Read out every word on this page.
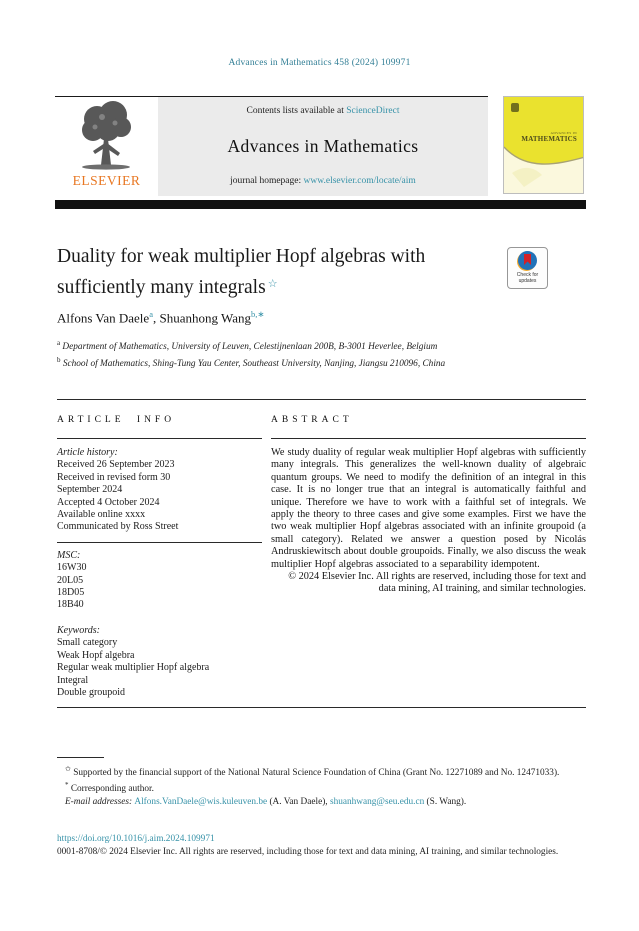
Advances in Mathematics 458 (2024) 109971
ELSEVIER
Contents lists available at ScienceDirect
Advances in Mathematics
journal homepage: www.elsevier.com/locate/aim
ADVANCES IN
MATHEMATICS
Duality for weak multiplier Hopf algebras with sufficiently many integrals ☆
Check for updates
Alfons Van Daele$^a$, Shuanhong Wang$^{b,∗}$
$^a$ Department of Mathematics, University of Leuven, Celestijnenlaan 200B, B-3001 Heverlee, Belgium
$^b$ School of Mathematics, Shing-Tung Yau Center, Southeast University, Nanjing, Jiangsu 210096, China
ARTICLE INFO
Article history:
Received 26 September 2023
Received in revised form 30 September 2024
Accepted 4 October 2024
Available online xxxx
Communicated by Ross Street
MSC:
16W30
20L05
18D05
18B40
Keywords:
Small category
Weak Hopf algebra
Regular weak multiplier Hopf algebra
Integral
Double groupoid
ABSTRACT
We study duality of regular weak multiplier Hopf algebras with sufficiently many integrals. This generalizes the well-known duality of algebraic quantum groups. We need to modify the definition of an integral in this case. It is no longer true that an integral is automatically faithful and unique. Therefore we have to work with a faithful set of integrals. We apply the theory to three cases and give some examples. First we have the two weak multiplier Hopf algebras associated with an infinite groupoid (a small category). Related we answer a question posed by Nicolás Andruskiewitsch about double groupoids. Finally, we also discuss the weak multiplier Hopf algebras associated to a separability idempotent.
© 2024 Elsevier Inc. All rights are reserved, including those for text and data mining, AI training, and similar technologies.
✩ Supported by the financial support of the National Natural Science Foundation of China (Grant No. 12271089 and No. 12471033).
* Corresponding author.
E-mail addresses: Alfons.VanDaele@wis.kuleuven.be (A. Van Daele), shuanhwang@seu.edu.cn (S. Wang).
https://doi.org/10.1016/j.aim.2024.109971
0001-8708/© 2024 Elsevier Inc. All rights are reserved, including those for text and data mining, AI training, and similar technologies.
